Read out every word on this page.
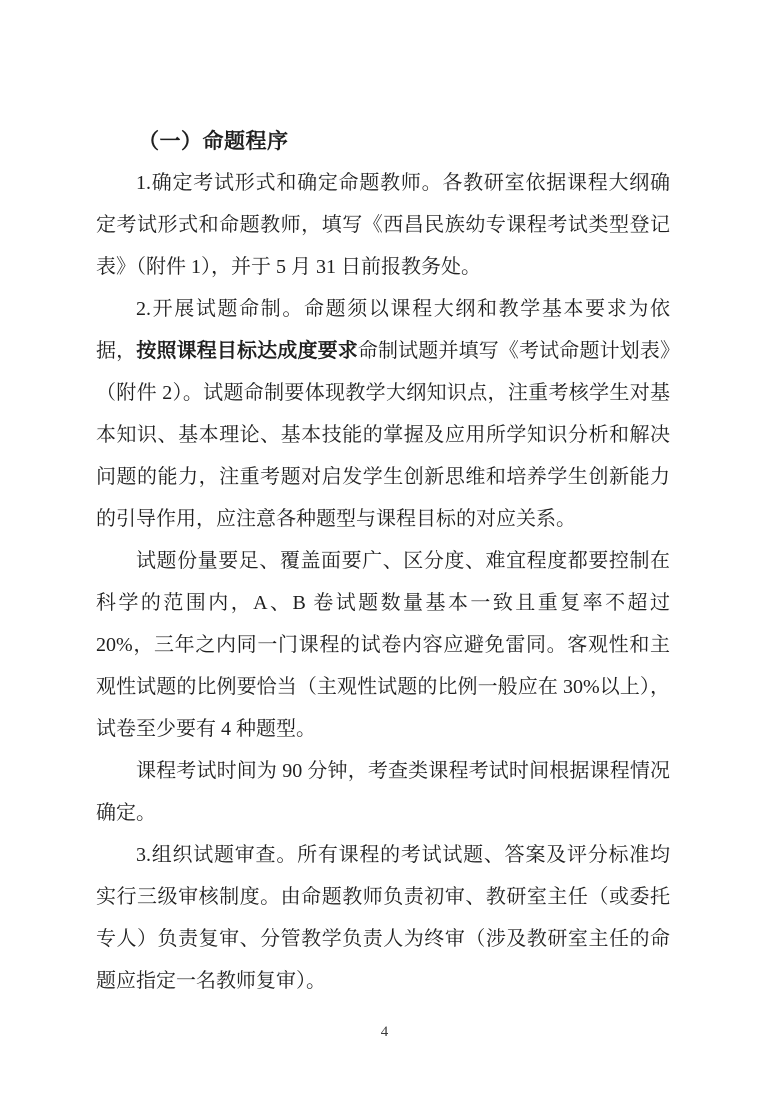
（一）命题程序

1.确定考试形式和确定命题教师。各教研室依据课程大纲确定考试形式和命题教师，填写《西昌民族幼专课程考试类型登记表》（附件 1），并于 5 月 31 日前报教务处。

2.开展试题命制。命题须以课程大纲和教学基本要求为依据，按照课程目标达成度要求命制试题并填写《考试命题计划表》（附件 2）。试题命制要体现教学大纲知识点，注重考核学生对基本知识、基本理论、基本技能的掌握及应用所学知识分析和解决问题的能力，注重考题对启发学生创新思维和培养学生创新能力的引导作用，应注意各种题型与课程目标的对应关系。

试题份量要足、覆盖面要广、区分度、难宜程度都要控制在科学的范围内，A、B 卷试题数量基本一致且重复率不超过 20%，三年之内同一门课程的试卷内容应避免雷同。客观性和主观性试题的比例要恰当（主观性试题的比例一般应在 30%以上），试卷至少要有 4 种题型。

课程考试时间为 90 分钟，考查类课程考试时间根据课程情况确定。

3.组织试题审查。所有课程的考试试题、答案及评分标准均实行三级审核制度。由命题教师负责初审、教研室主任（或委托专人）负责复审、分管教学负责人为终审（涉及教研室主任的命题应指定一名教师复审）。

4
